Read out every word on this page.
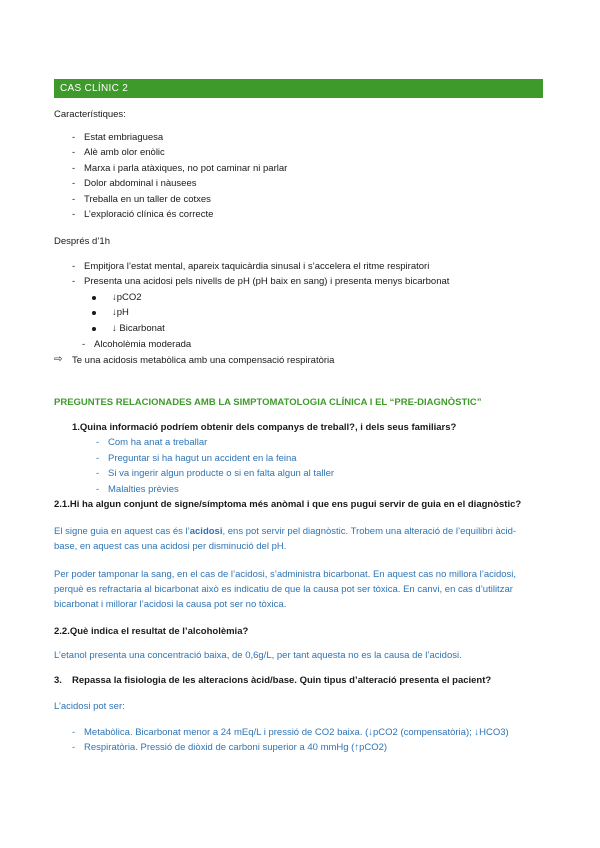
CAS CLÍNIC 2
Característiques:
- Estat embriaguesa
- Alè amb olor enòlic
- Marxa i parla atàxiques, no pot caminar ni parlar
- Dolor abdominal i nàusees
- Treballa en un taller de cotxes
- L’exploració clínica és correcte
Després d’1h
- Empitjora l’estat mental, apareix taquicàrdia sinusal i s’accelera el ritme respiratori
- Presenta una acidosi pels nivells de pH (pH baix en sang) i presenta menys bicarbonat
↓pCO2
↓pH
↓ Bicarbonat
- Alcoholèmia moderada
⇨ Te una acidosis metabòlica amb una compensació respiratòria
PREGUNTES RELACIONADES AMB LA SIMPTOMATOLOGIA CLÍNICA I EL “PRE-DIAGNÒSTIC”
1.Quina informació podríem obtenir dels companys de treball?, i dels seus familiars?
- Com ha anat a treballar
- Preguntar si ha hagut un accident en la feina
- Si va ingerir algun producte o si en falta algun al taller
- Malalties prèvies
2.1.Hi ha algun conjunt de signe/símptoma més anòmal i que ens pugui servir de guia en el diagnòstic?
El signe guia en aquest cas és l’acidosi, ens pot servir pel diagnòstic. Trobem una alteració de l’equilibri àcid-
base, en aquest cas una acidosi per disminució del pH.
Per poder tamponar la sang, en el cas de l’acidosi, s’administra bicarbonat. En aquest cas no millora l’acidosi,
perquè es refractaria al bicarbonat això es indicatiu de que la causa pot ser tòxica. En canvi, en cas d’utilitzar
bicarbonat i millorar l’acidosi la causa pot ser no tòxica.
2.2.Què indica el resultat de l’alcoholèmia?
L’etanol presenta una concentració baixa, de 0,6g/L, per tant aquesta no es la causa de l’acidosi.
3. Repassa la fisiologia de les alteracions àcid/base. Quin tipus d’alteració presenta el pacient?
L’acidosi pot ser:
- Metabòlica. Bicarbonat menor a 24 mEq/L i pressió de CO2 baixa. (↓pCO2 (compensatòria); ↓HCO3)
- Respiratòria. Pressió de diòxid de carboni superior a 40 mmHg (↑pCO2)
